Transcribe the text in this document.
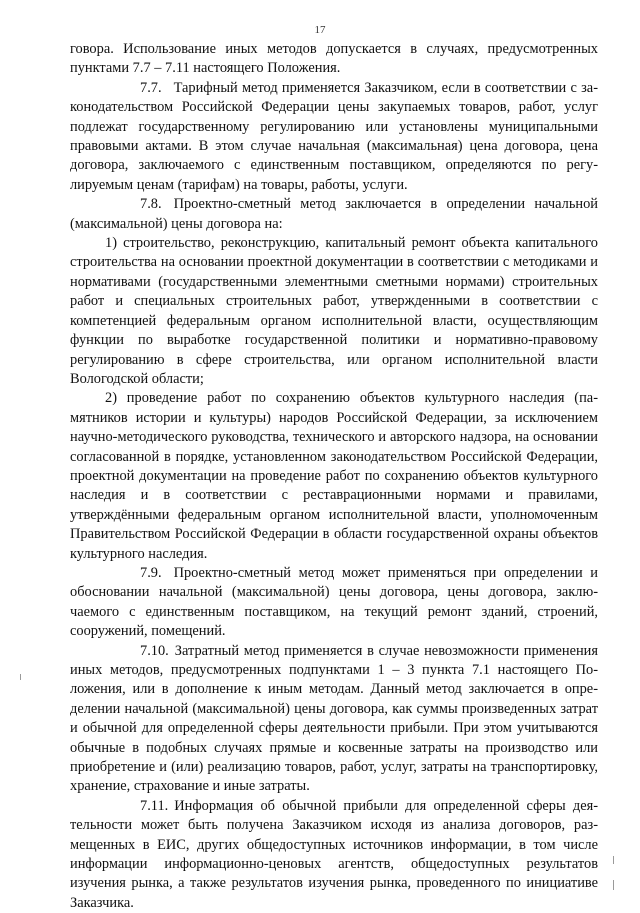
17

говора. Использование иных методов допускается в случаях, предусмотренных пунктами 7.7 – 7.11 настоящего Положения.

7.7. Тарифный метод применяется Заказчиком, если в соответствии с законодательством Российской Федерации цены закупаемых товаров, работ, услуг подлежат государственному регулированию или установлены муниципальными правовыми актами. В этом случае начальная (максимальная) цена договора, цена договора, заключаемого с единственным поставщиком, определяются по регулируемым ценам (тарифам) на товары, работы, услуги.

7.8. Проектно-сметный метод заключается в определении начальной (максимальной) цены договора на:

1) строительство, реконструкцию, капитальный ремонт объекта капитального строительства на основании проектной документации в соответствии с методиками и нормативами (государственными элементными сметными нормами) строительных работ и специальных строительных работ, утвержденными в соответствии с компетенцией федеральным органом исполнительной власти, осуществляющим функции по выработке государственной политики и нормативно-правовому регулированию в сфере строительства, или органом исполнительной власти Вологодской области;

2) проведение работ по сохранению объектов культурного наследия (памятников истории и культуры) народов Российской Федерации, за исключением научно-методического руководства, технического и авторского надзора, на основании согласованной в порядке, установленном законодательством Российской Федерации, проектной документации на проведение работ по сохранению объектов культурного наследия и в соответствии с реставрационными нормами и правилами, утверждёнными федеральным органом исполнительной власти, уполномоченным Правительством Российской Федерации в области государственной охраны объектов культурного наследия.

7.9. Проектно-сметный метод может применяться при определении и обосновании начальной (максимальной) цены договора, цены договора, заключаемого с единственным поставщиком, на текущий ремонт зданий, строений, сооружений, помещений.

7.10. Затратный метод применяется в случае невозможности применения иных методов, предусмотренных подпунктами 1 – 3 пункта 7.1 настоящего Положения, или в дополнение к иным методам. Данный метод заключается в определении начальной (максимальной) цены договора, как суммы произведенных затрат и обычной для определенной сферы деятельности прибыли. При этом учитываются обычные в подобных случаях прямые и косвенные затраты на производство или приобретение и (или) реализацию товаров, работ, услуг, затраты на транспортировку, хранение, страхование и иные затраты.

7.11. Информация об обычной прибыли для определенной сферы деятельности может быть получена Заказчиком исходя из анализа договоров, размещенных в ЕИС, других общедоступных источников информации, в том числе информации информационно-ценовых агентств, общедоступных результатов изучения рынка, а также результатов изучения рынка, проведенного по инициативе Заказчика.
